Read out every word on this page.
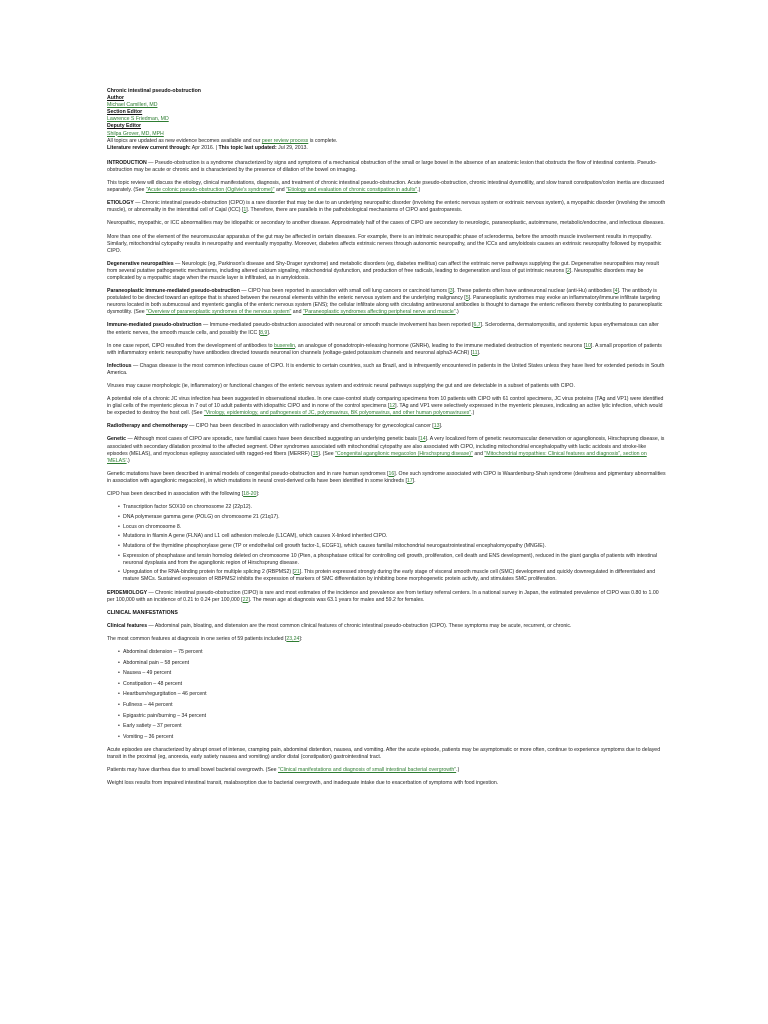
Chronic intestinal pseudo-obstruction
Author
Michael Camilleri, MD
Section Editor
Lawrence S Friedman, MD
Deputy Editor
Shilpa Grover, MD, MPH
All topics are updated as new evidence becomes available and our peer review process is complete.
Literature review current through: Apr 2016. | This topic last updated: Jul 29, 2013.

INTRODUCTION — Pseudo-obstruction is a syndrome characterized by signs and symptoms of a mechanical obstruction of the small or large bowel in the absence of an anatomic lesion that obstructs the flow of intestinal contents. Pseudo-obstruction may be acute or chronic and is characterized by the presence of dilation of the bowel on imaging.

This topic review will discuss the etiology, clinical manifestations, diagnosis, and treatment of chronic intestinal pseudo-obstruction. Acute pseudo-obstruction, chronic intestinal dysmotility, and slow transit constipation/colon inertia are discussed separately. (See "Acute colonic pseudo-obstruction (Ogilvie's syndrome)" and "Etiology and evaluation of chronic constipation in adults".)

ETIOLOGY — Chronic intestinal pseudo-obstruction (CIPO) is a rare disorder that may be due to an underlying neuropathic disorder (involving the enteric nervous system or extrinsic nervous system), a myopathic disorder (involving the smooth muscle), or abnormality in the interstitial cell of Cajal (ICC) [1]. Therefore, there are parallels in the pathobiological mechanisms of CIPO and gastroparesis.

Neuropathic, myopathic, or ICC abnormalities may be idiopathic or secondary to another disease. Approximately half of the cases of CIPO are secondary to neurologic, paraneoplastic, autoimmune, metabolic/endocrine, and infectious diseases.

More than one of the element of the neuromuscular apparatus of the gut may be affected in certain diseases. For example, there is an intrinsic neuropathic phase of scleroderma, before the smooth muscle involvement results in myopathy. Similarly, mitochondrial cytopathy results in neuropathy and eventually myopathy. Moreover, diabetes affects extrinsic nerves through autonomic neuropathy, and the ICCs and amyloidosis causes an extrinsic neuropathy followed by myopathic CIPO.

Degenerative neuropathies — Neurologic (eg, Parkinson's disease and Shy-Drager syndrome) and metabolic disorders (eg, diabetes mellitus) can affect the extrinsic nerve pathways supplying the gut. Degenerative neuropathies may result from several putative pathogenetic mechanisms, including altered calcium signaling, mitochondrial dysfunction, and production of free radicals, leading to degeneration and loss of gut intrinsic neurons [2]. Neuropathic disorders may be complicated by a myopathic stage when the muscle layer is infiltrated, as in amyloidosis.

Paraneoplastic immune-mediated pseudo-obstruction — CIPO has been reported in association with small cell lung cancers or carcinoid tumors [3]. These patients often have antineuronal nuclear (anti-Hu) antibodies [4]. The antibody is postulated to be directed toward an epitope that is shared between the neuronal elements within the enteric nervous system and the underlying malignancy [5]. Paraneoplastic syndromes may evoke an inflammatory/immune infiltrate targeting neurons located in both submucosal and myenteric ganglia of the enteric nervous system (ENS); the cellular infiltrate along with circulating antineuronal antibodies is thought to damage the enteric reflexes thereby contributing to paraneoplastic dysmotility. (See "Overview of paraneoplastic syndromes of the nervous system" and "Paraneoplastic syndromes affecting peripheral nerve and muscle".)

Immune-mediated pseudo-obstruction — Immune-mediated pseudo-obstruction associated with neuronal or smooth muscle involvement has been reported [6,7]. Scleroderma, dermatomyositis, and systemic lupus erythematosus can alter the enteric nerves, the smooth muscle cells, and possibly the ICC [8,9].

In one case report, CIPO resulted from the development of antibodies to buserelin, an analogue of gonadotropin-releasing hormone (GNRH), leading to the immune mediated destruction of myenteric neurons [10]. A small proportion of patients with inflammatory enteric neuropathy have antibodies directed towards neuronal ion channels (voltage-gated potassium channels and neuronal alpha3-AChR) [11].

Infectious — Chagas disease is the most common infectious cause of CIPO. It is endemic to certain countries, such as Brazil, and is infrequently encountered in patients in the United States unless they have lived for extended periods in South America.

Viruses may cause morphologic (ie, inflammatory) or functional changes of the enteric nervous system and extrinsic neural pathways supplying the gut and are detectable in a subset of patients with CIPO.

A potential role of a chronic JC virus infection has been suggested in observational studies. In one case-control study comparing specimens from 10 patients with CIPO with 61 control specimens, JC virus proteins (TAg and VP1) were identified in glial cells of the myenteric plexus in 7 out of 10 adult patients with idiopathic CIPO and in none of the control specimens [12]. TAg and VP1 were selectively expressed in the myenteric plexuses, indicating an active lytic infection, which would be expected to destroy the host cell. (See "Virology, epidemiology, and pathogenesis of JC, polyomavirus, BK polyomavirus, and other human polyomaviruses".)

Radiotherapy and chemotherapy — CIPO has been described in association with radiotherapy and chemotherapy for gynecological cancer [13].

Genetic — Although most cases of CIPO are sporadic, rare familial cases have been described suggesting an underlying genetic basis [14]. A very localized form of genetic neuromuscular denervation or aganglionosis, Hirschsprung disease, is associated with secondary dilatation proximal to the affected segment. Other syndromes associated with mitochondrial cytopathy are also associated with CIPO, including mitochondrial encephalopathy with lactic acidosis and stroke-like episodes (MELAS), and myoclonus epilepsy associated with ragged-red fibers (MERRF) [15]. (See "Congenital aganglionic megacolon (Hirschsprung disease)" and "Mitochondrial myopathies: Clinical features and diagnosis", section on 'MELAS'.)

Genetic mutations have been described in animal models of congenital pseudo-obstruction and in rare human syndromes [16]. One such syndrome associated with CIPO is Waardenburg-Shah syndrome (deafness and pigmentary abnormalities in association with aganglionic megacolon), in which mutations in neural crest-derived cells have been identified in some kindreds [17].

CIPO has been described in association with the following [18-20]:

• Transcription factor SOX10 on chromosome 22 (22p12).
• DNA polymerase gamma gene (POLG) on chromosome 21 (21q17).
• Locus on chromosome 8.
• Mutations in filamin A gene (FLNA) and L1 cell adhesion molecule (L1CAM), which causes X-linked inherited CIPO.
• Mutations of the thymidine phosphorylase gene (TP or endothelial cell growth factor-1, ECGF1), which causes familial mitochondrial neurogastrointestinal encephalomyopathy (MNGIE).
• Expression of phosphatase and tensin homolog deleted on chromosome 10 (Pten, a phosphatase critical for controlling cell growth, proliferation, cell death and ENS development), reduced in the giant ganglia of patients with intestinal neuronal dysplasia and from the aganglionic region of Hirschsprung disease.
• Upregulation of the RNA-binding protein for multiple splicing 2 (RBPMS2) [21]. This protein expressed strongly during the early stage of visceral smooth muscle cell (SMC) development and quickly downregulated in differentiated and mature SMCs. Sustained expression of RBPMS2 inhibits the expression of markers of SMC differentiation by inhibiting bone morphogenetic protein activity, and stimulates SMC proliferation.

EPIDEMIOLOGY — Chronic intestinal pseudo-obstruction (CIPO) is rare and most estimates of the incidence and prevalence are from tertiary referral centers. In a national survey in Japan, the estimated prevalence of CIPO was 0.80 to 1.00 per 100,000 with an incidence of 0.21 to 0.24 per 100,000 [22]. The mean age at diagnosis was 63.1 years for males and 59.2 for females.

CLINICAL MANIFESTATIONS

Clinical features — Abdominal pain, bloating, and distension are the most common clinical features of chronic intestinal pseudo-obstruction (CIPO). These symptoms may be acute, recurrent, or chronic.

The most common features at diagnosis in one series of 59 patients included [23,24]:

• Abdominal distension – 75 percent
• Abdominal pain – 58 percent
• Nausea – 49 percent
• Constipation – 48 percent
• Heartburn/regurgitation – 46 percent
• Fullness – 44 percent
• Epigastric pain/burning – 34 percent
• Early satiety – 37 percent
• Vomiting – 36 percent

Acute episodes are characterized by abrupt onset of intense, cramping pain, abdominal distention, nausea, and vomiting. After the acute episode, patients may be asymptomatic or more often, continue to experience symptoms due to delayed transit in the proximal (eg, anorexia, early satiety nausea and vomiting) and/or distal (constipation) gastrointestinal tract.

Patients may have diarrhea due to small bowel bacterial overgrowth. (See "Clinical manifestations and diagnosis of small intestinal bacterial overgrowth".)

Weight loss results from impaired intestinal transit, malabsorption due to bacterial overgrowth, and inadequate intake due to exacerbation of symptoms with food ingestion.
